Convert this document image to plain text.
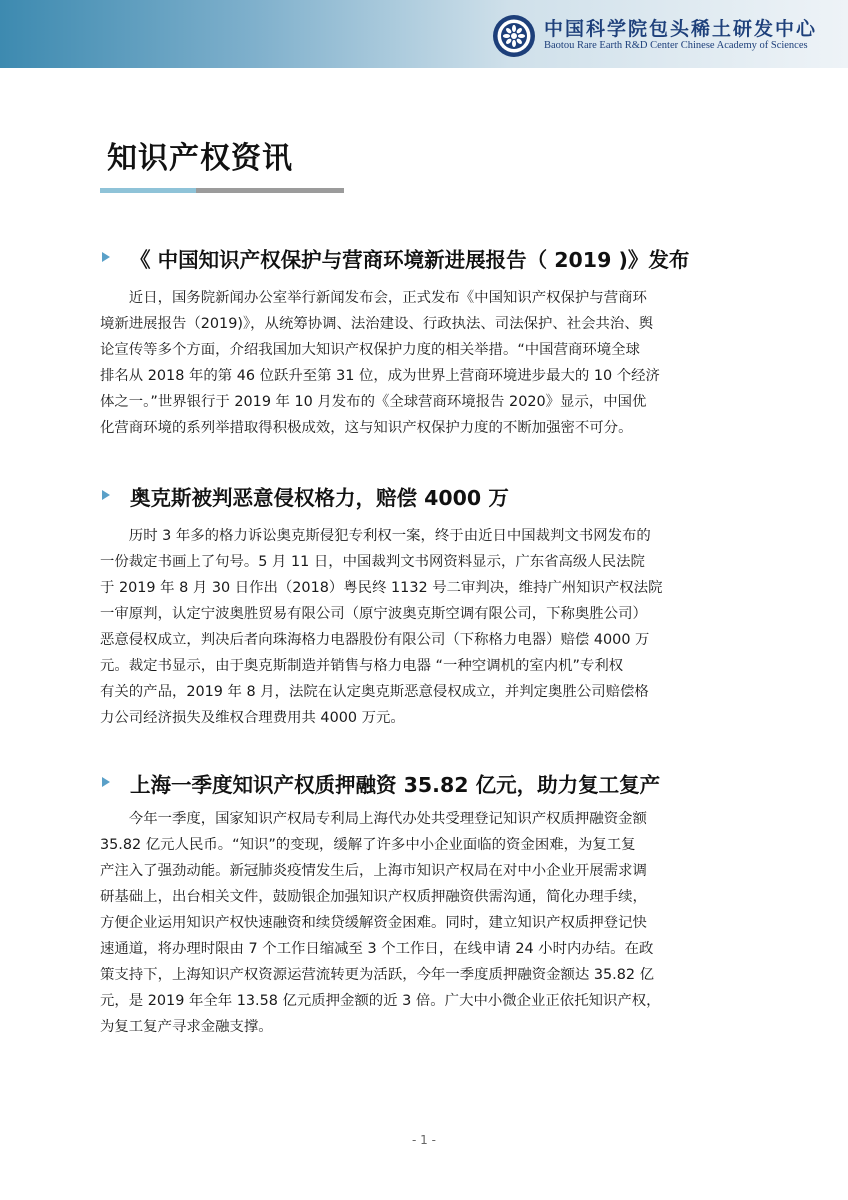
中国科学院包头稀土研发中心
Baotou Rare Earth R&D Center Chinese Academy of Sciences
知识产权资讯
《 中国知识产权保护与营商环境新进展报告（ 2019 )》发布
近日，国务院新闻办公室举行新闻发布会，正式发布《中国知识产权保护与营商环
境新进展报告（2019)》，从统筹协调、法治建设、行政执法、司法保护、社会共治、舆
论宣传等多个方面，介绍我国加大知识产权保护力度的相关举措。“中国营商环境全球
排名从 2018 年的第 46 位跃升至第 31 位，成为世界上营商环境进步最大的 10 个经济
体之一。”世界银行于 2019 年 10 月发布的《全球营商环境报告 2020》显示，中国优
化营商环境的系列举措取得积极成效，这与知识产权保护力度的不断加强密不可分。
奥克斯被判恶意侵权格力，赔偿 4000 万
历时 3 年多的格力诉讼奥克斯侵犯专利权一案，终于由近日中国裁判文书网发布的
一份裁定书画上了句号。5 月 11 日，中国裁判文书网资料显示，广东省高级人民法院
于 2019 年 8 月 30 日作出（2018）粤民终 1132 号二审判决，维持广州知识产权法院
一审原判，认定宁波奥胜贸易有限公司（原宁波奥克斯空调有限公司，下称奥胜公司）
恶意侵权成立，判决后者向珠海格力电器股份有限公司（下称格力电器）赔偿 4000 万
元。裁定书显示，由于奥克斯制造并销售与格力电器 “一种空调机的室内机”专利权
有关的产品，2019 年 8 月，法院在认定奥克斯恶意侵权成立，并判定奥胜公司赔偿格
力公司经济损失及维权合理费用共 4000 万元。
上海一季度知识产权质押融资 35.82 亿元，助力复工复产
今年一季度，国家知识产权局专利局上海代办处共受理登记知识产权质押融资金额
35.82 亿元人民币。“知识”的变现，缓解了许多中小企业面临的资金困难，为复工复
产注入了强劲动能。新冠肺炎疫情发生后，上海市知识产权局在对中小企业开展需求调
研基础上，出台相关文件，鼓励银企加强知识产权质押融资供需沟通，简化办理手续，
方便企业运用知识产权快速融资和续贷缓解资金困难。同时，建立知识产权质押登记快
速通道，将办理时限由 7 个工作日缩减至 3 个工作日，在线申请 24 小时内办结。在政
策支持下，上海知识产权资源运营流转更为活跃，今年一季度质押融资金额达 35.82 亿
元，是 2019 年全年 13.58 亿元质押金额的近 3 倍。广大中小微企业正依托知识产权，
为复工复产寻求金融支撑。
- 1 -
